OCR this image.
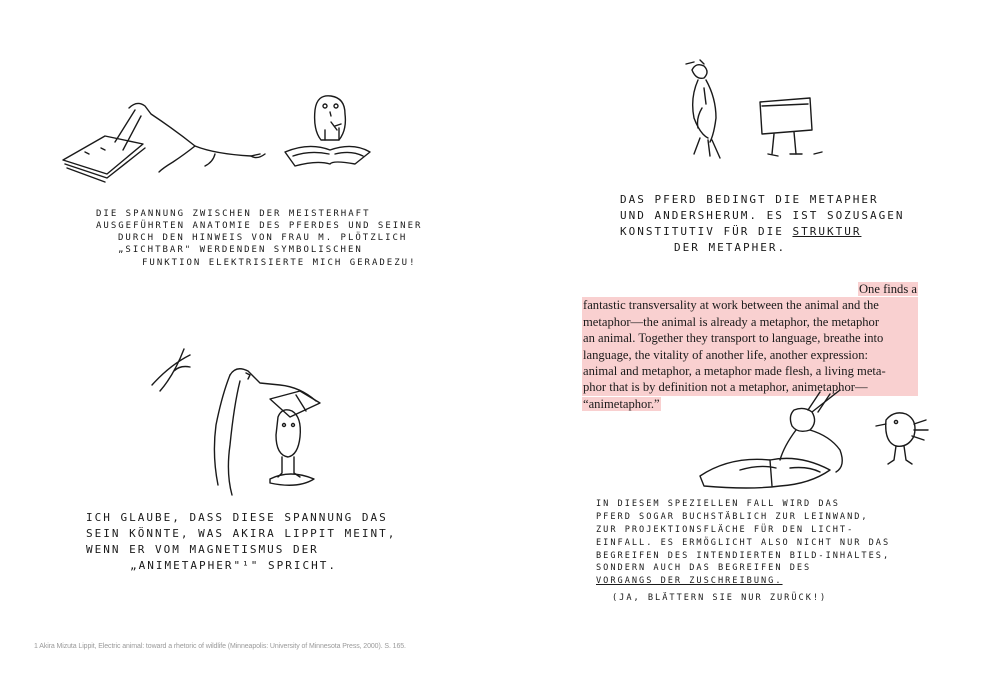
DIE SPANNUNG ZWISCHEN DER MEISTERHAFT
AUSGEFÜHRTEN ANATOMIE DES PFERDES UND SEINER
DURCH DEN HINWEIS VON FRAU M. PLÖTZLICH
„SICHTBAR" WERDENDEN SYMBOLISCHEN
FUNKTION ELEKTRISIERTE MICH GERADEZU!
ICH GLAUBE, DASS DIESE SPANNUNG DAS
SEIN KÖNNTE, WAS AKIRA LIPPIT MEINT,
WENN ER VOM MAGNETISMUS DER
„ANIMETAPHER"¹" SPRICHT.
1 Akira Mizuta Lippit, Electric animal: toward a rhetoric of wildlife (Minneapolis: University of Minnesota Press, 2000). S. 165.
DAS PFERD BEDINGT DIE METAPHER
UND ANDERSHERUM. ES IST SOZUSAGEN
KONSTITUTIV FÜR DIE STRUKTUR
DER METAPHER.
One finds a
fantastic transversality at work between the animal and the
metaphor—the animal is already a metaphor, the metaphor
an animal. Together they transport to language, breathe into
language, the vitality of another life, another expression:
animal and metaphor, a metaphor made flesh, a living meta-
phor that is by definition not a metaphor, animetaphor—
“animetaphor.”
IN DIESEM SPEZIELLEN FALL WIRD DAS
PFERD SOGAR BUCHSTÄBLICH ZUR LEINWAND,
ZUR PROJEKTIONSFLÄCHE FÜR DEN LICHT-
EINFALL. ES ERMÖGLICHT ALSO NICHT NUR DAS
BEGREIFEN DES INTENDIERTEN BILD-INHALTES,
SONDERN AUCH DAS BEGREIFEN DES
VORGANGS DER ZUSCHREIBUNG.
(JA, BLÄTTERN SIE NUR ZURÜCK!)
